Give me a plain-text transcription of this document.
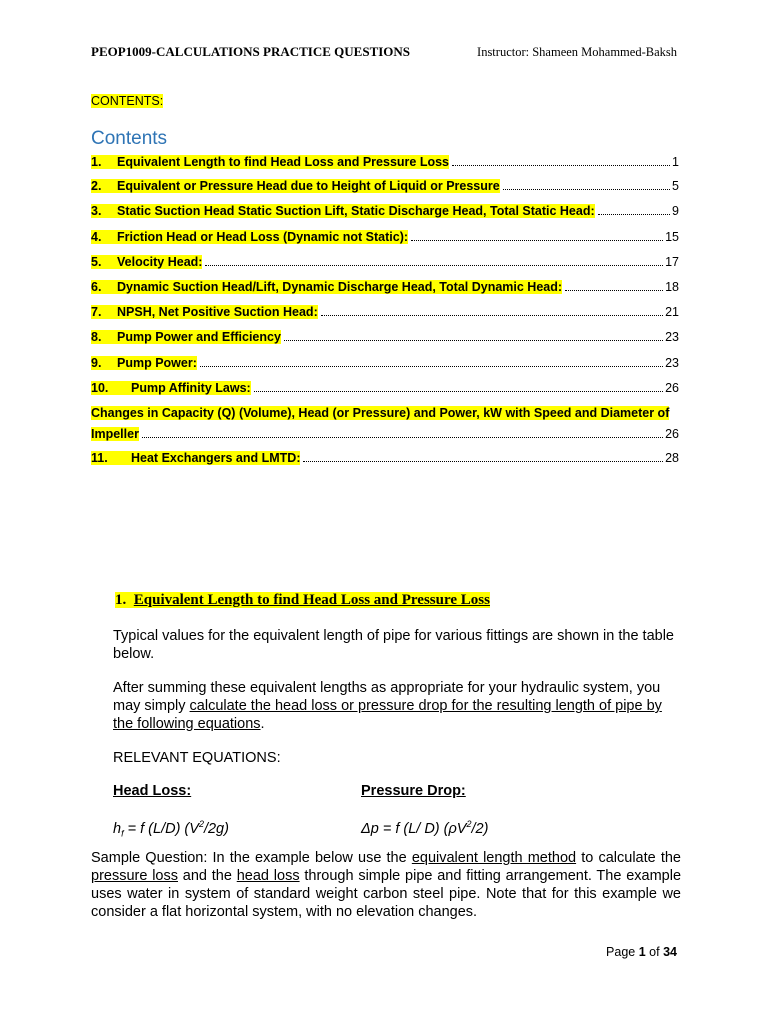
PEOP1009-CALCULATIONS PRACTICE QUESTIONS	Instructor: Shameen Mohammed-Baksh
CONTENTS:
Contents
1. Equivalent Length to find Head Loss and Pressure Loss	1
2. Equivalent or Pressure Head due to Height of Liquid or Pressure	5
3. Static Suction Head Static Suction Lift, Static Discharge Head, Total Static Head:	9
4. Friction Head or Head Loss (Dynamic not Static):	15
5. Velocity Head:	17
6. Dynamic Suction Head/Lift, Dynamic Discharge Head, Total Dynamic Head:	18
7. NPSH, Net Positive Suction Head:	21
8. Pump Power and Efficiency	23
9. Pump Power:	23
10. Pump Affinity Laws:	26
Changes in Capacity (Q) (Volume), Head (or Pressure) and Power, kW with Speed and Diameter of
Impeller	26
11. Heat Exchangers and LMTD:	28
1. Equivalent Length to find Head Loss and Pressure Loss
Typical values for the equivalent length of pipe for various fittings are shown in the table below.
After summing these equivalent lengths as appropriate for your hydraulic system, you may simply calculate the head loss or pressure drop for the resulting length of pipe by the following equations.
RELEVANT EQUATIONS:
Head Loss:	Pressure Drop:
$h_f = f$ (L/D) $(V^2/2g)$	Δp = f (L/ D) $(\rho V^2/2)$
Sample Question: In the example below use the equivalent length method to calculate the pressure loss and the head loss through simple pipe and fitting arrangement. The example uses water in system of standard weight carbon steel pipe. Note that for this example we consider a flat horizontal system, with no elevation changes.
Page 1 of 34
